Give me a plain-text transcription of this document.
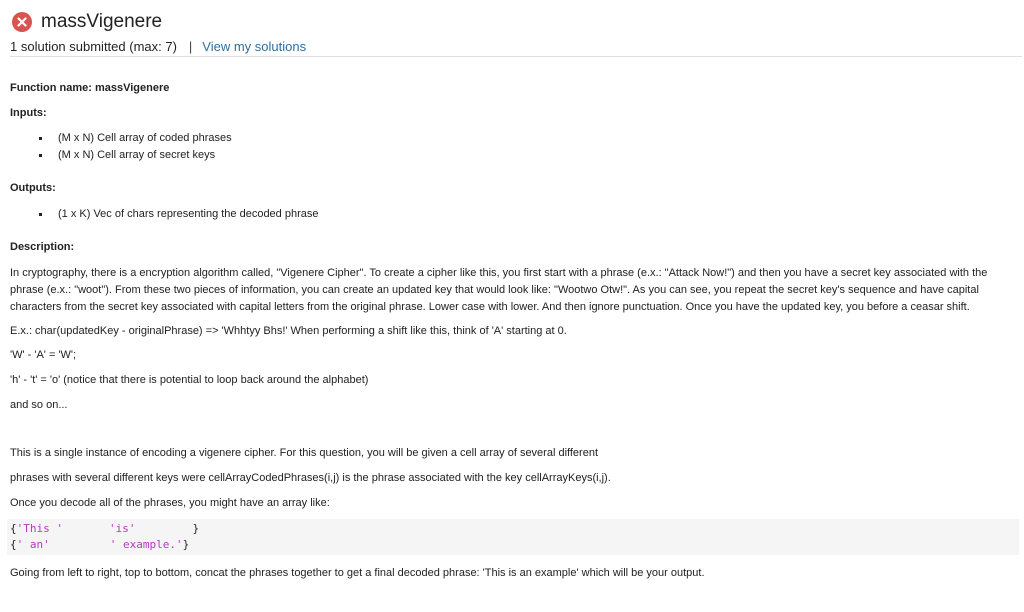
massVigenere
1 solution submitted (max: 7) | View my solutions

Function name: massVigenere

Inputs:

(M x N) Cell array of coded phrases
(M x N) Cell array of secret keys

Outputs:

(1 x K) Vec of chars representing the decoded phrase

Description:

In cryptography, there is a encryption algorithm called, "Vigenere Cipher". To create a cipher like this, you first start with a phrase (e.x.: "Attack Now!") and then you have a secret key associated with the phrase (e.x.: "woot"). From these two pieces of information, you can create an updated key that would look like: "Wootwo Otw!". As you can see, you repeat the secret key's sequence and have capital characters from the secret key associated with capital letters from the original phrase. Lower case with lower. And then ignore punctuation. Once you have the updated key, you before a ceasar shift.

E.x.: char(updatedKey - originalPhrase) => 'Whhtyy Bhs!' When performing a shift like this, think of 'A' starting at 0.

'W' - 'A' = 'W';

'h' - 't' = 'o' (notice that there is potential to loop back around the alphabet)

and so on...

This is a single instance of encoding a vigenere cipher. For this question, you will be given a cell array of several different

phrases with several different keys were cellArrayCodedPhrases(i,j) is the phrase associated with the key cellArrayKeys(i,j).

Once you decode all of the phrases, you might have an array like:

{'This '	'is'	}
{' an'	' example.'}

Going from left to right, top to bottom, concat the phrases together to get a final decoded phrase: 'This is an example' which will be your output.
